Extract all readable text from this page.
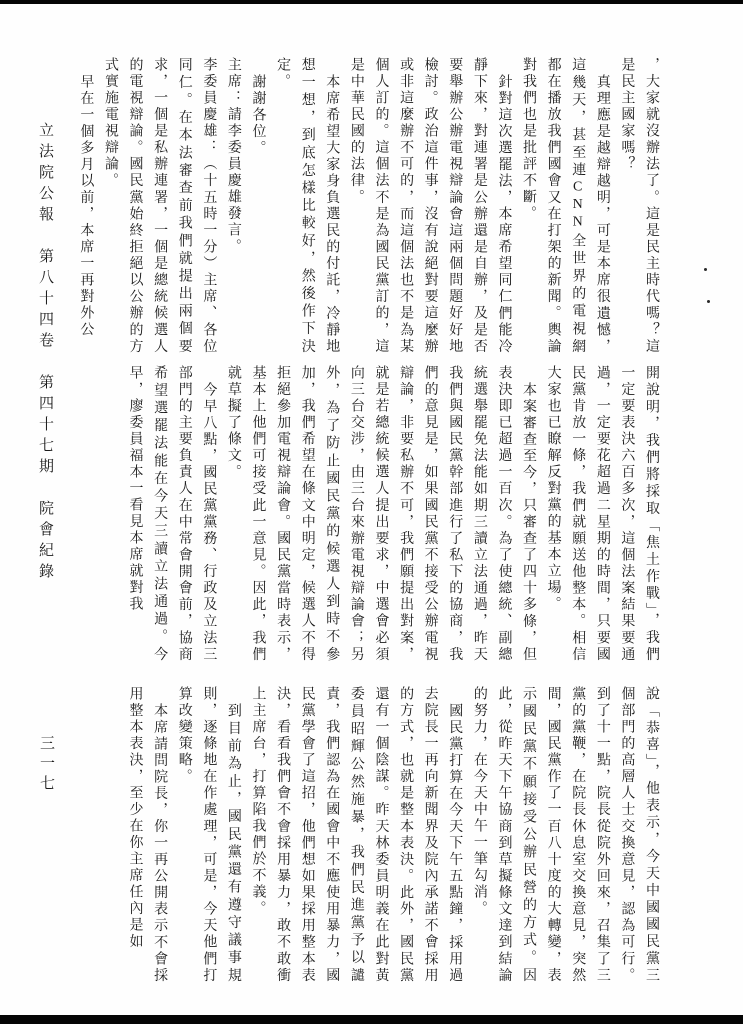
立法院公報　第八十四卷　第四十七期　院會紀錄
三一七

，大家就沒辦法了。這是民主時代嗎？這是民主國家嗎？

真理應是越辯越明，可是本席很遺憾，這幾天，甚至連CNN全世界的電視網都在播放我們國會又在打架的新聞。輿論對我們也是批評不斷。

針對這次選罷法，本席希望同仁們能冷靜下來，對連署是公辦還是自辦，及是否要舉辦公辦電視辯論會這兩個問題好好地檢討。政治這件事，沒有說絕對要這麼辦或非這麼辦不可的，而這個法也不是為某個人訂的。這個法不是為國民黨訂的，這是中華民國的法律。

本席希望大家身負選民的付託，冷靜地想一想，到底怎樣比較好，然後作下決定。

謝謝各位。

主席：請李委員慶雄發言。

李委員慶雄：（十五時一分）主席、各位同仁。在本法審查前我們就提出兩個要求，一個是私辦連署，一個是總統候選人的電視辯論。國民黨始終拒絕以公辦的方式實施電視辯論。

早在一個多月以前，本席一再對外公

開說明，我們將採取「焦土作戰」，我們一定要表決六百多次，這個法案結果要通過，一定要花超過二星期的時間，只要國民黨肯放一條，我們就願送他整本。相信大家也已瞭解反對黨的基本立場。

本案審查至今，只審查了四十多條，但表決即已超過一百次。為了使總統、副總統選舉罷免法能如期三讀立法通過，昨天我們與國民黨幹部進行了私下的協商，我們的意見是，如果國民黨不接受公辦電視辯論，非要私辦不可，我們願提出對案，就是若總統候選人提出要求，中選會必須向三台交涉，由三台來辦電視辯論會；另外，為了防止國民黨的候選人到時不參加，我們希望在條文中明定，候選人不得拒絕參加電視辯論會。國民黨當時表示，基本上他們可接受此一意見。因此，我們就草擬了條文。

今早八點，國民黨黨務、行政及立法三部門的主要負責人在中常會開會前，協商希望選罷法能在今天三讀立法通過。今早，廖委員福本一看見本席就對我

說「恭喜」，他表示，今天中國國民黨三個部門的高層人士交換意見，認為可行。到了十一點，院長從院外回來，召集了三黨的黨鞭，在院長休息室交換意見，突然間，國民黨作了一百八十度的大轉變，表示國民黨不願接受公辦民營的方式。因此，從昨天下午協商到草擬條文達到結論的努力，在今天中午一筆勾消。

國民黨打算在今天下午五點鐘，採用過去院長一再向新聞界及院內承諾不會採用的方式，也就是整本表決。此外，國民黨還有一個陰謀。昨天林委員明義在此對黃委員昭輝公然施暴，我們民進黨予以譴責，我們認為在國會中不應使用暴力，國民黨學會了這招，他們想如果採用整本表決，看看我們會不會採用暴力，敢不敢衝上主席台，打算陷我們於不義。

到目前為止，國民黨還有遵守議事規則，逐條地在作處理，可是，今天他們打算改變策略。

本席請問院長，你一再公開表示不會採用整本表決，至少在你主席任內是如
